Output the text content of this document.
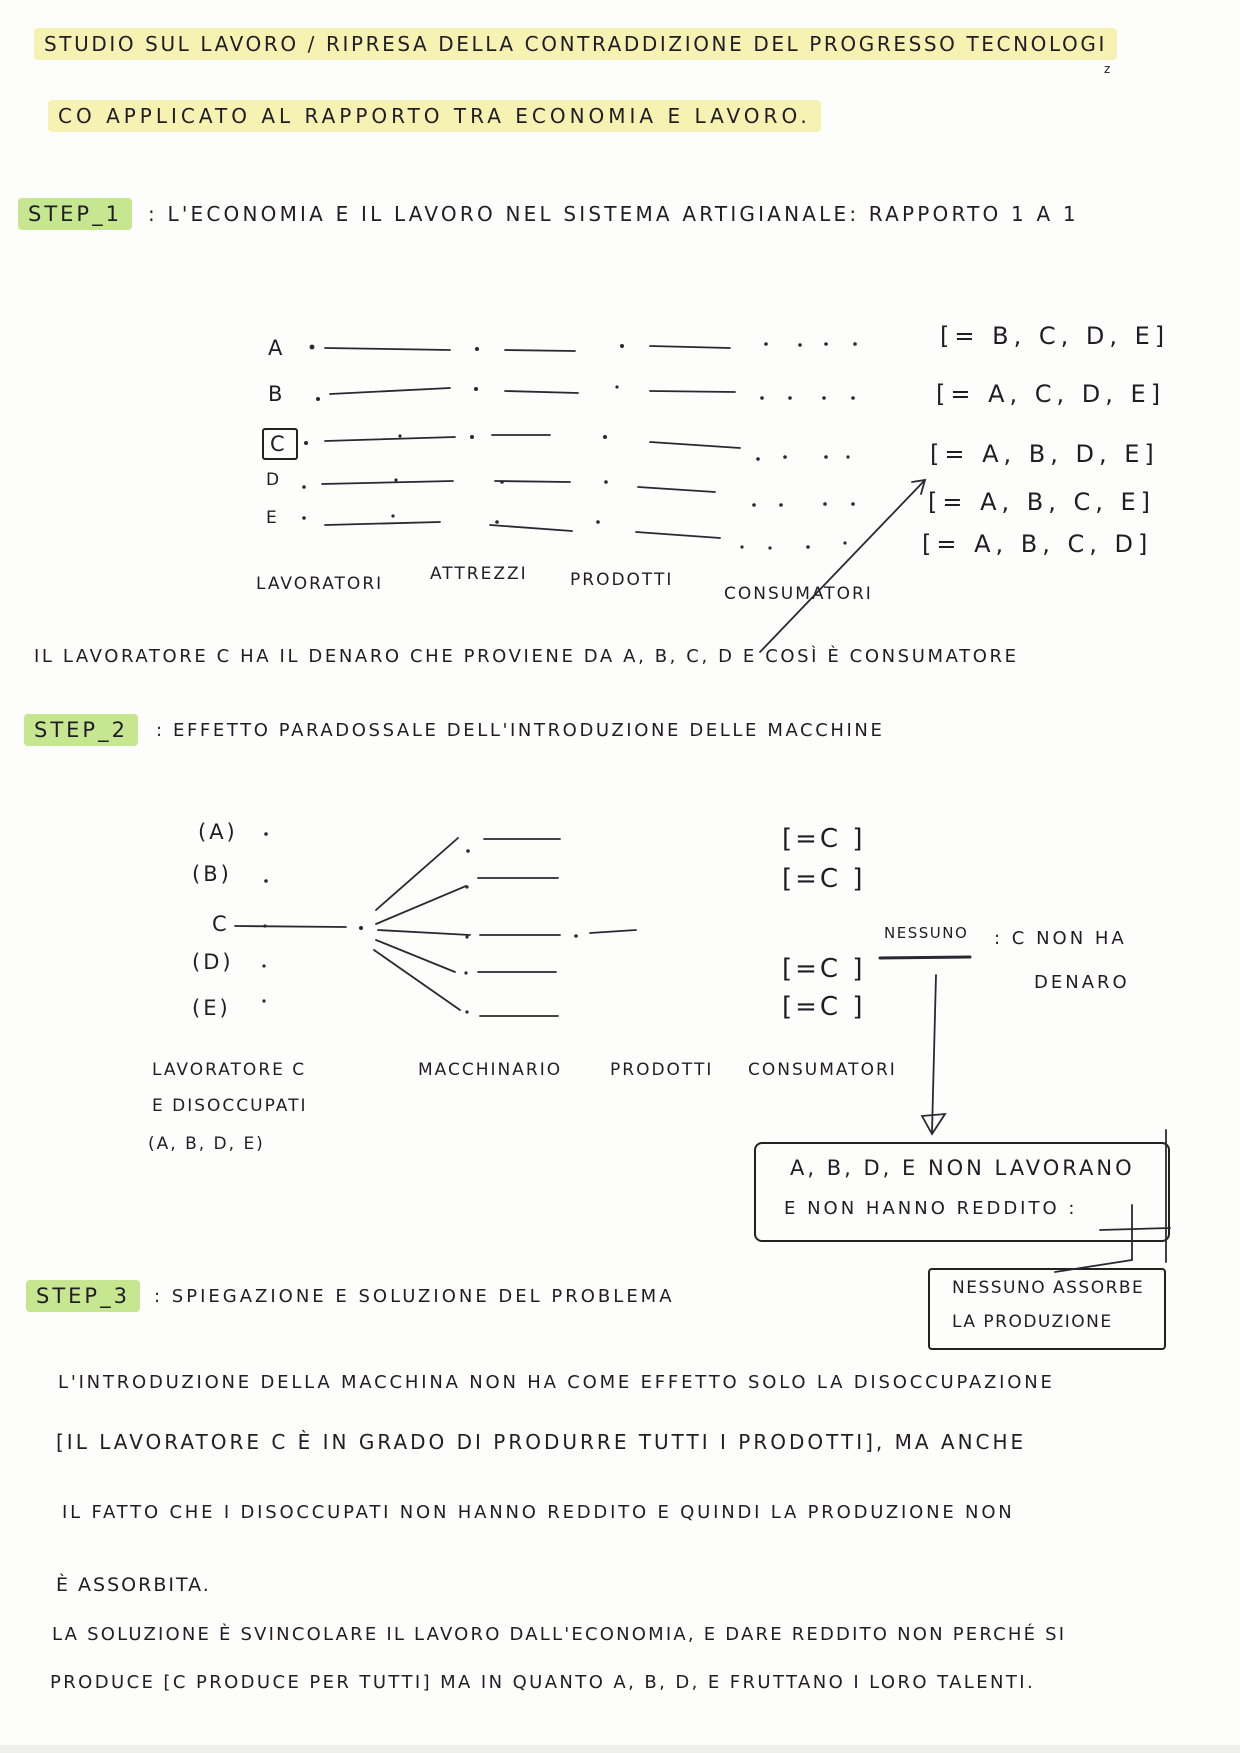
STUDIO SUL LAVORO / RIPRESA DELLA CONTRADDIZIONE DEL PROGRESSO TECNOLOGI
z
CO APPLICATO AL RAPPORTO TRA ECONOMIA E LAVORO.
STEP_1	: L'ECONOMIA E IL LAVORO NEL SISTEMA ARTIGIANALE: RAPPORTO 1 A 1
A
B
C
D
E
[= B, C, D, E]
[= A, C, D, E]
[= A, B, D, E]
[= A, B, C, E]
[= A, B, C, D]
LAVORATORI	ATTREZZI PRODOTTI
CONSUMATORI
IL LAVORATORE C HA IL DENARO CHE PROVIENE DA A, B, C, D E COSÌ È CONSUMATORE
STEP_2	: EFFETTO PARADOSSALE DELL'INTRODUZIONE DELLE MACCHINE
(A)
(B)
C
(D)
(E)
[=C ]
[=C ]
[=C ]
[=C ]
NESSUNO : C NON HA
DENARO
LAVORATORE C
E DISOCCUPATI
(A, B, D, E)
MACCHINARIO	PRODOTTI CONSUMATORI
A, B, D, E NON LAVORANO
E NON HANNO REDDITO :
NESSUNO ASSORBE
LA PRODUZIONE
STEP_3	: SPIEGAZIONE E SOLUZIONE DEL PROBLEMA
L'INTRODUZIONE DELLA MACCHINA NON HA COME EFFETTO SOLO LA DISOCCUPAZIONE
[IL LAVORATORE C È IN GRADO DI PRODURRE TUTTI I PRODOTTI], MA ANCHE
IL FATTO CHE I DISOCCUPATI NON HANNO REDDITO E QUINDI LA PRODUZIONE NON
È ASSORBITA.
LA SOLUZIONE È SVINCOLARE IL LAVORO DALL'ECONOMIA, E DARE REDDITO NON PERCHÉ SI
PRODUCE [C PRODUCE PER TUTTI] MA IN QUANTO A, B, D, E FRUTTANO I LORO TALENTI.
